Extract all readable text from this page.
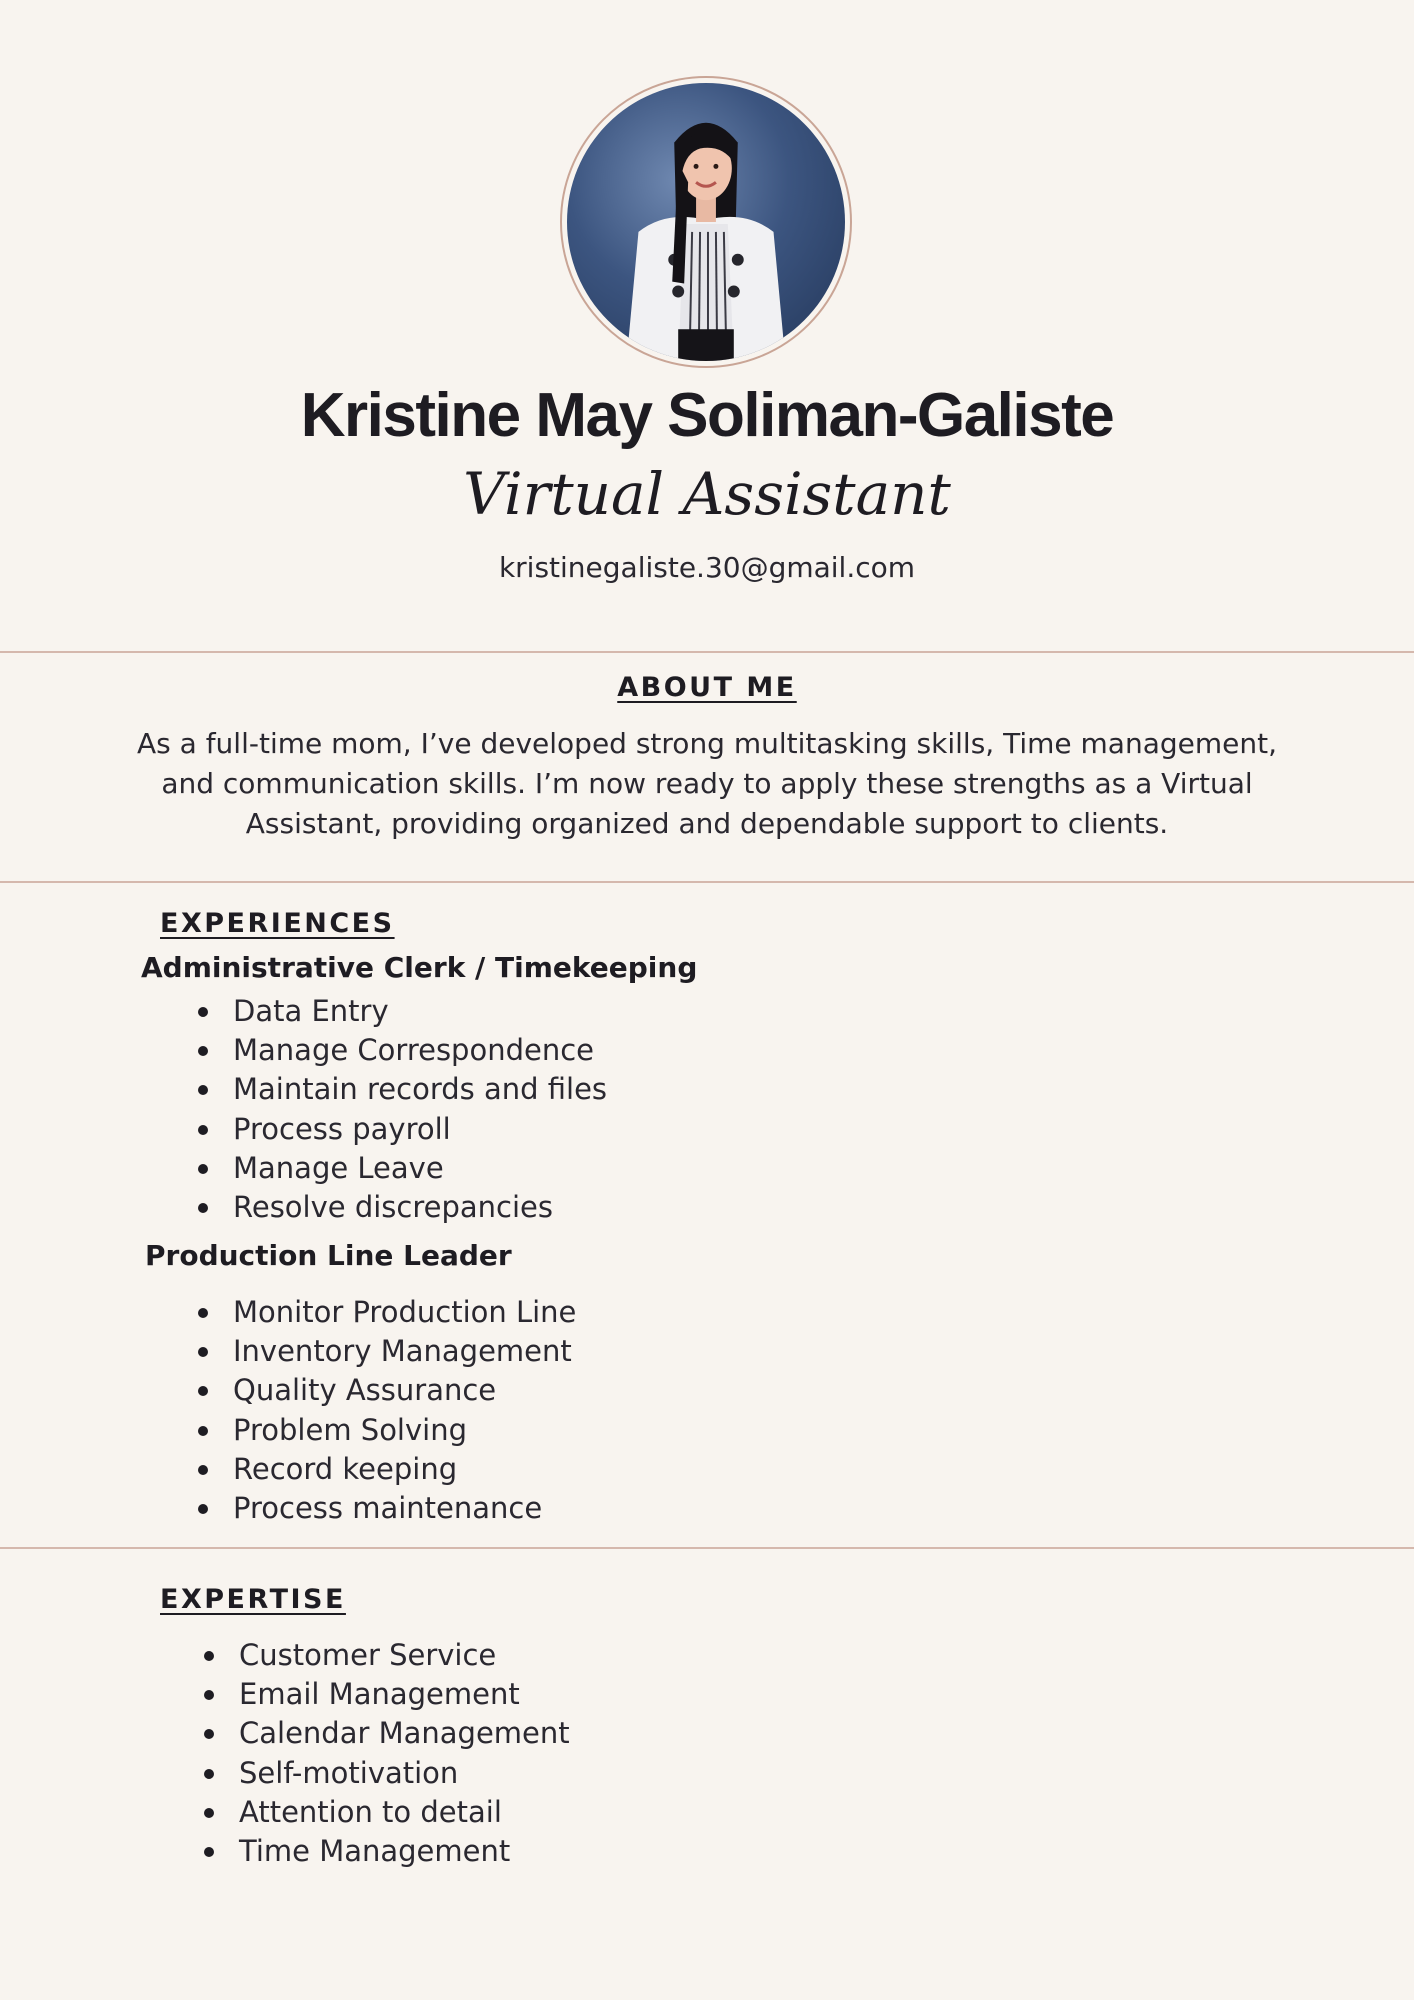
Kristine May Soliman-Galiste
Virtual Assistant
kristinegaliste.30@gmail.com
ABOUT ME

As a full-time mom, I’ve developed strong multitasking skills, Time management,
and communication skills. I’m now ready to apply these strengths as a Virtual
Assistant, providing organized and dependable support to clients.

EXPERIENCES
Administrative Clerk / Timekeeping
Data Entry
Manage Correspondence
Maintain records and files
Process payroll
Manage Leave
Resolve discrepancies
Production Line Leader
Monitor Production Line
Inventory Management
Quality Assurance
Problem Solving
Record keeping
Process maintenance
EXPERTISE
Customer Service
Email Management
Calendar Management
Self-motivation
Attention to detail
Time Management
